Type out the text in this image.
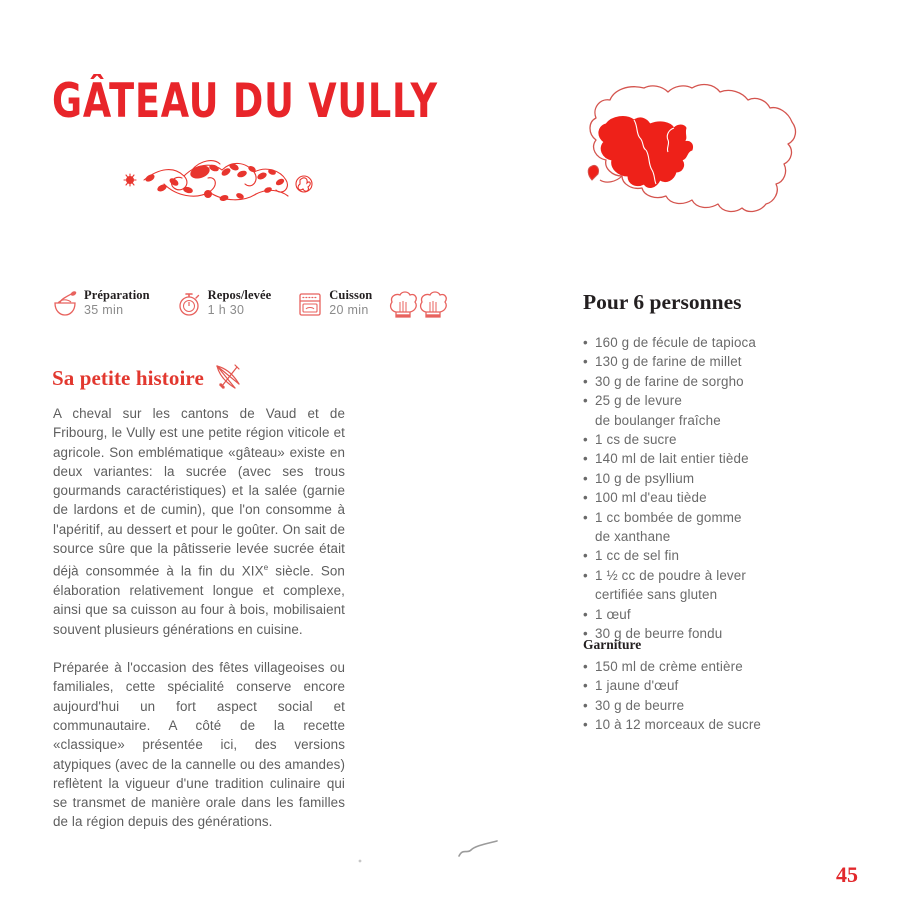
GÂTEAU DU VULLY
Préparation
35 min
Repos/levée
1 h 30
Cuisson
20 min
Sa petite histoire

A cheval sur les cantons de Vaud et de Fribourg, le Vully est une petite région viticole et agricole. Son emblématique «gâteau» existe en deux variantes: la sucrée (avec ses trous gourmands caractéristiques) et la salée (garnie de lardons et de cumin), que l'on consomme à l'apéritif, au dessert et pour le goûter. On sait de source sûre que la pâtisserie levée sucrée était déjà consommée à la fin du XIXe siècle. Son élaboration relativement longue et complexe, ainsi que sa cuisson au four à bois, mobilisaient souvent plusieurs générations en cuisine.

Préparée à l'occasion des fêtes villageoises ou familiales, cette spécialité conserve encore aujourd'hui un fort aspect social et communautaire. A côté de la recette «classique» présentée ici, des versions atypiques (avec de la cannelle ou des amandes) reflètent la vigueur d'une tradition culinaire qui se transmet de manière orale dans les familles de la région depuis des générations.

Pour 6 personnes
• 160 g de fécule de tapioca
• 130 g de farine de millet
• 30 g de farine de sorgho
• 25 g de levure
de boulanger fraîche
• 1 cs de sucre
• 140 ml de lait entier tiède
• 10 g de psyllium
• 100 ml d'eau tiède
• 1 cc bombée de gomme
de xanthane
• 1 cc de sel fin
• 1 ½ cc de poudre à lever
certifiée sans gluten
• 1 œuf
• 30 g de beurre fondu
Garniture
• 150 ml de crème entière
• 1 jaune d'œuf
• 30 g de beurre
• 10 à 12 morceaux de sucre
45
